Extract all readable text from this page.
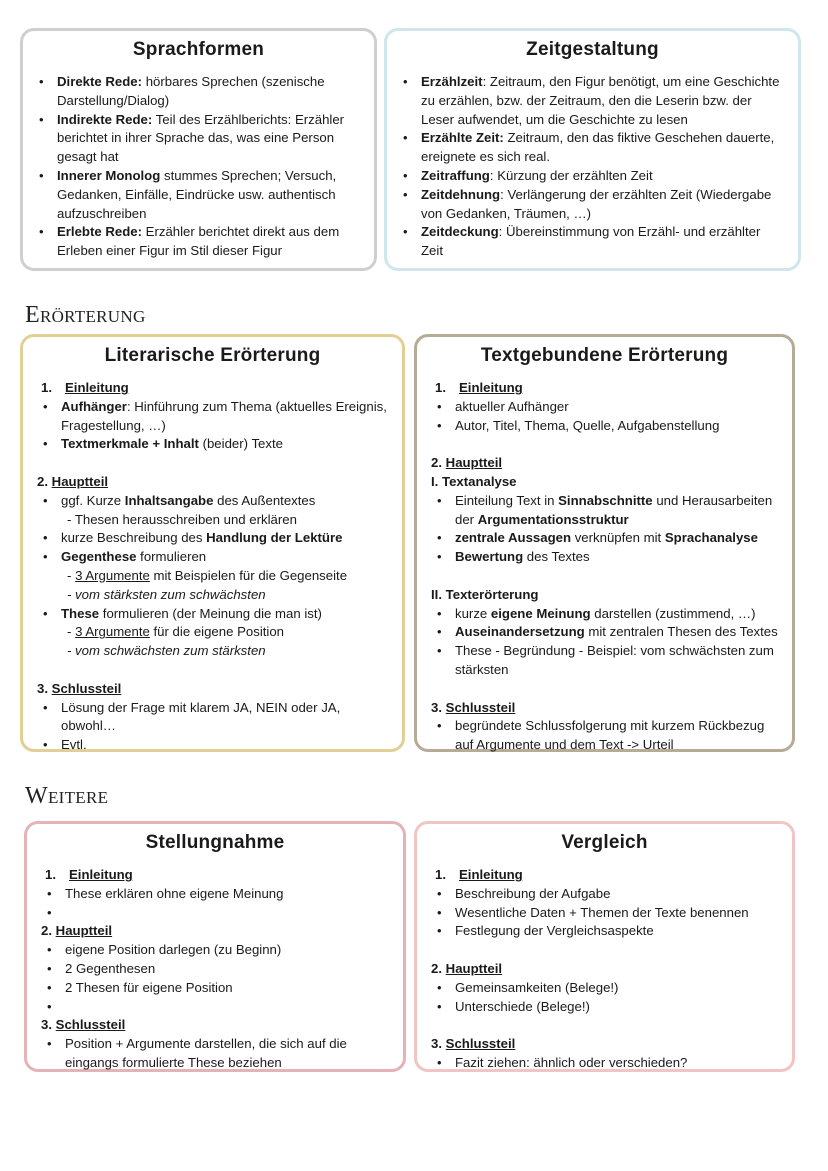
Sprachformen
• Direkte Rede: hörbares Sprechen (szenische Darstellung/Dialog)
• Indirekte Rede: Teil des Erzählberichts: Erzähler berichtet in ihrer Sprache das, was eine Person gesagt hat
• Innerer Monolog stummes Sprechen; Versuch, Gedanken, Einfälle, Eindrücke usw. authentisch aufzuschreiben
• Erlebte Rede: Erzähler berichtet direkt aus dem Erleben einer Figur im Stil dieser Figur
Zeitgestaltung
• Erzählzeit: Zeitraum, den Figur benötigt, um eine Geschichte zu erzählen, bzw. der Zeitraum, den die Leserin bzw. der Leser aufwendet, um die Geschichte zu lesen
• Erzählte Zeit: Zeitraum, den das fiktive Geschehen dauerte, ereignete es sich real.
• Zeitraffung: Kürzung der erzählten Zeit
• Zeitdehnung: Verlängerung der erzählten Zeit (Wiedergabe von Gedanken, Träumen, …)
• Zeitdeckung: Übereinstimmung von Erzähl- und erzählter Zeit
Erörterung
Literarische Erörterung
1. Einleitung
• Aufhänger: Hinführung zum Thema (aktuelles Ereignis, Fragestellung, …)
• Textmerkmale + Inhalt (beider) Texte
2. Hauptteil
• ggf. Kurze Inhaltsangabe des Außentextes
- Thesen herausschreiben und erklären
• kurze Beschreibung des Handlung der Lektüre
• Gegenthese formulieren
- 3 Argumente mit Beispielen für die Gegenseite
- vom stärksten zum schwächsten
• These formulieren (der Meinung die man ist)
- 3 Argumente für die eigene Position
- vom schwächsten zum stärksten
3. Schlussteil
• Lösung der Frage mit klarem JA, NEIN oder JA, obwohl…
• Evtl.
Textgebundene Erörterung
1. Einleitung
• aktueller Aufhänger
• Autor, Titel, Thema, Quelle, Aufgabenstellung
2. Hauptteil
I. Textanalyse
• Einteilung Text in Sinnabschnitte und Herausarbeiten der Argumentationsstruktur
• zentrale Aussagen verknüpfen mit Sprachanalyse
• Bewertung des Textes
II. Texterörterung
• kurze eigene Meinung darstellen (zustimmend, …)
• Auseinandersetzung mit zentralen Thesen des Textes
• These - Begründung - Beispiel: vom schwächsten zum stärksten
3. Schlussteil
• begründete Schlussfolgerung mit kurzem Rückbezug auf Argumente und dem Text -> Urteil
Weitere
Stellungnahme
1. Einleitung
• These erklären ohne eigene Meinung
•
2. Hauptteil
• eigene Position darlegen (zu Beginn)
• 2 Gegenthesen
• 2 Thesen für eigene Position
•
3. Schlussteil
• Position + Argumente darstellen, die sich auf die eingangs formulierte These beziehen
Vergleich
1. Einleitung
• Beschreibung der Aufgabe
• Wesentliche Daten + Themen der Texte benennen
• Festlegung der Vergleichsaspekte
2. Hauptteil
• Gemeinsamkeiten (Belege!)
• Unterschiede (Belege!)
3. Schlussteil
• Fazit ziehen: ähnlich oder verschieden?
